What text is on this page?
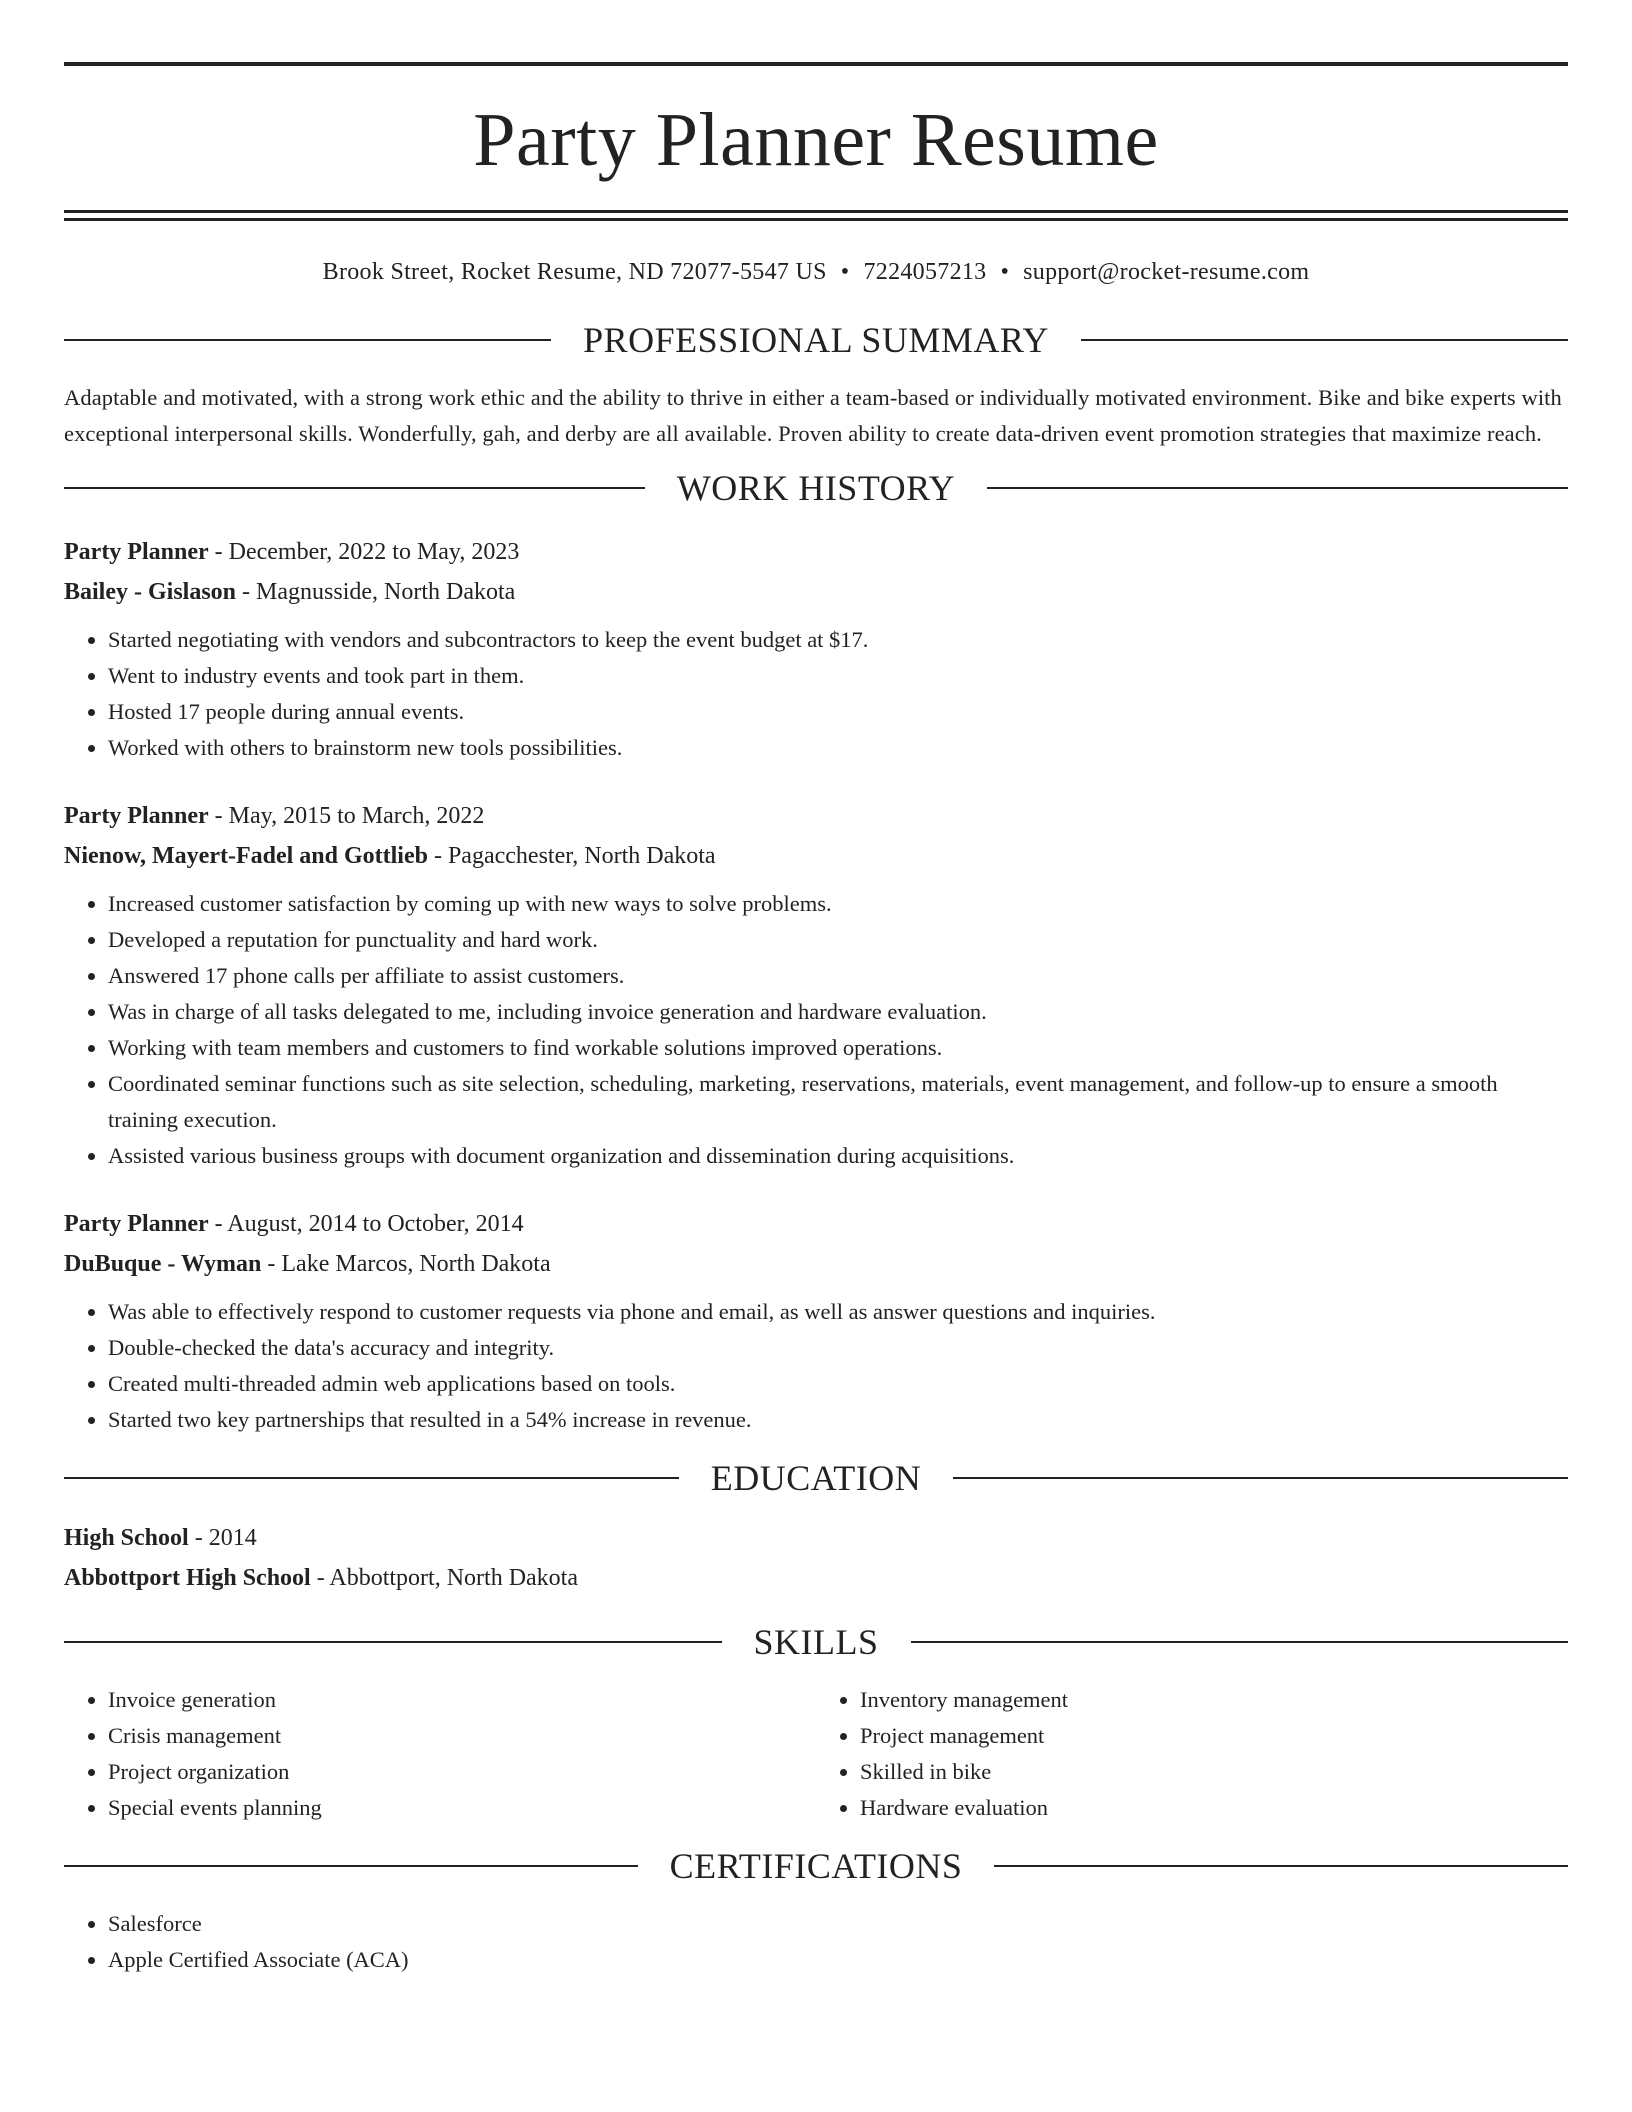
Party Planner Resume
Brook Street, Rocket Resume, ND 72077-5547 US • 7224057213 • support@rocket-resume.com
PROFESSIONAL SUMMARY
Adaptable and motivated, with a strong work ethic and the ability to thrive in either a team-based or individually motivated environment. Bike and bike experts with exceptional interpersonal skills. Wonderfully, gah, and derby are all available. Proven ability to create data-driven event promotion strategies that maximize reach.
WORK HISTORY
Party Planner - December, 2022 to May, 2023
Bailey - Gislason - Magnusside, North Dakota
• Started negotiating with vendors and subcontractors to keep the event budget at $17.
• Went to industry events and took part in them.
• Hosted 17 people during annual events.
• Worked with others to brainstorm new tools possibilities.
Party Planner - May, 2015 to March, 2022
Nienow, Mayert-Fadel and Gottlieb - Pagacchester, North Dakota
• Increased customer satisfaction by coming up with new ways to solve problems.
• Developed a reputation for punctuality and hard work.
• Answered 17 phone calls per affiliate to assist customers.
• Was in charge of all tasks delegated to me, including invoice generation and hardware evaluation.
• Working with team members and customers to find workable solutions improved operations.
• Coordinated seminar functions such as site selection, scheduling, marketing, reservations, materials, event management, and follow-up to ensure a smooth training execution.
• Assisted various business groups with document organization and dissemination during acquisitions.
Party Planner - August, 2014 to October, 2014
DuBuque - Wyman - Lake Marcos, North Dakota
• Was able to effectively respond to customer requests via phone and email, as well as answer questions and inquiries.
• Double-checked the data's accuracy and integrity.
• Created multi-threaded admin web applications based on tools.
• Started two key partnerships that resulted in a 54% increase in revenue.
EDUCATION
High School - 2014
Abbottport High School - Abbottport, North Dakota
SKILLS
• Invoice generation
• Crisis management
• Project organization
• Special events planning
• Inventory management
• Project management
• Skilled in bike
• Hardware evaluation
CERTIFICATIONS
• Salesforce
• Apple Certified Associate (ACA)
